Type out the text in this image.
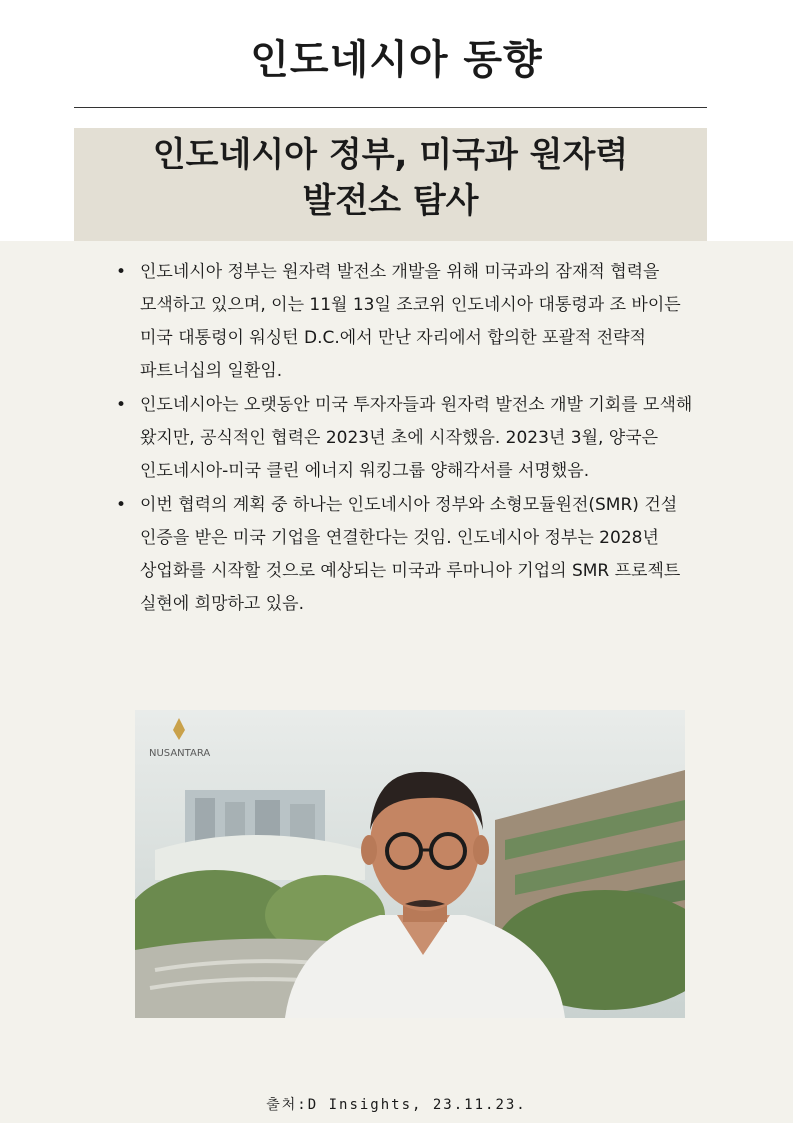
인도네시아 동향
인도네시아 정부, 미국과 원자력
발전소 탐사
• 인도네시아 정부는 원자력 발전소 개발을 위해 미국과의 잠재적 협력을 모색하고 있으며, 이는 11월 13일 조코위 인도네시아 대통령과 조 바이든 미국 대통령이 워싱턴 D.C.에서 만난 자리에서 합의한 포괄적 전략적 파트너십의 일환임.
• 인도네시아는 오랫동안 미국 투자자들과 원자력 발전소 개발 기회를 모색해 왔지만, 공식적인 협력은 2023년 초에 시작했음. 2023년 3월, 양국은 인도네시아-미국 클린 에너지 워킹그룹 양해각서를 서명했음.
• 이번 협력의 계획 중 하나는 인도네시아 정부와 소형모듈원전(SMR) 건설 인증을 받은 미국 기업을 연결한다는 것임. 인도네시아 정부는 2028년 상업화를 시작할 것으로 예상되는 미국과 루마니아 기업의 SMR 프로젝트 실현에 희망하고 있음.
NUSANTARA
출처:D Insights, 23.11.23.
